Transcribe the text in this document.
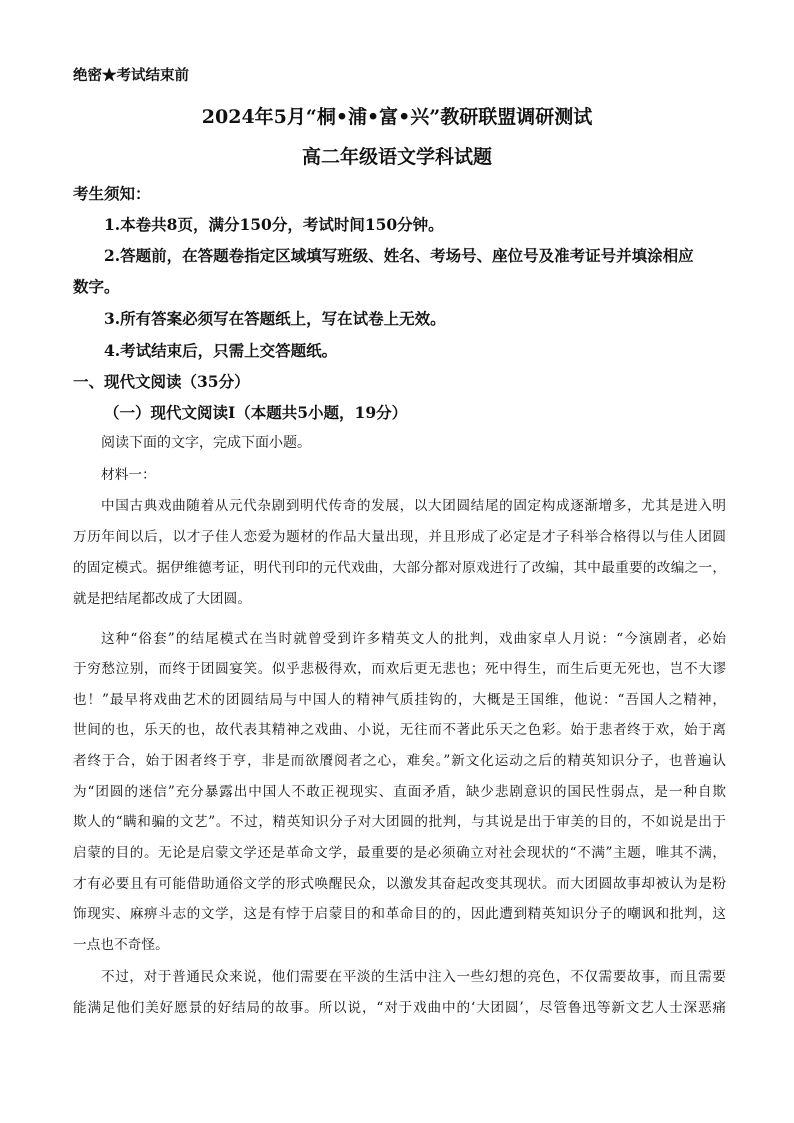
绝密★考试结束前
2024年5月“桐•浦•富•兴”教研联盟调研测试
高二年级语文学科试题
考生须知：
1.本卷共8页，满分150分，考试时间150分钟。
2.答题前，在答题卷指定区域填写班级、姓名、考场号、座位号及准考证号并填涂相应
数字。
3.所有答案必须写在答题纸上，写在试卷上无效。
4.考试结束后，只需上交答题纸。
一、现代文阅读（35分）
（一）现代文阅读Ⅰ（本题共5小题，19分）
阅读下面的文字，完成下面小题。
材料一：
中国古典戏曲随着从元代杂剧到明代传奇的发展，以大团圆结尾的固定构成逐渐增多，尤其是进入明
万历年间以后，以才子佳人恋爱为题材的作品大量出现，并且形成了必定是才子科举合格得以与佳人团圆
的固定模式。据伊维德考证，明代刊印的元代戏曲，大部分都对原戏进行了改编，其中最重要的改编之一，
就是把结尾都改成了大团圆。
这种“俗套”的结尾模式在当时就曾受到许多精英文人的批判，戏曲家卓人月说：“今演剧者，必始
于穷愁泣别，而终于团圆宴笑。似乎悲极得欢，而欢后更无悲也；死中得生，而生后更无死也，岂不大谬
也！”最早将戏曲艺术的团圆结局与中国人的精神气质挂钩的，大概是王国维，他说：“吾国人之精神，
世间的也，乐天的也，故代表其精神之戏曲、小说，无往而不著此乐天之色彩。始于悲者终于欢，始于离
者终于合，始于困者终于亨，非是而欲餍阅者之心，难矣。”新文化运动之后的精英知识分子，也普遍认
为“团圆的迷信”充分暴露出中国人不敢正视现实、直面矛盾，缺少悲剧意识的国民性弱点，是一种自欺
欺人的“瞒和骗的文艺”。不过，精英知识分子对大团圆的批判，与其说是出于审美的目的，不如说是出于
启蒙的目的。无论是启蒙文学还是革命文学，最重要的是必须确立对社会现状的“不满”主题，唯其不满，
才有必要且有可能借助通俗文学的形式唤醒民众，以激发其奋起改变其现状。而大团圆故事却被认为是粉
饰现实、麻痹斗志的文学，这是有悖于启蒙目的和革命目的的，因此遭到精英知识分子的嘲讽和批判，这
一点也不奇怪。
不过，对于普通民众来说，他们需要在平淡的生活中注入一些幻想的亮色，不仅需要故事，而且需要
能满足他们美好愿景的好结局的故事。所以说，“对于戏曲中的‘大团圆’，尽管鲁迅等新文艺人士深恶痛
